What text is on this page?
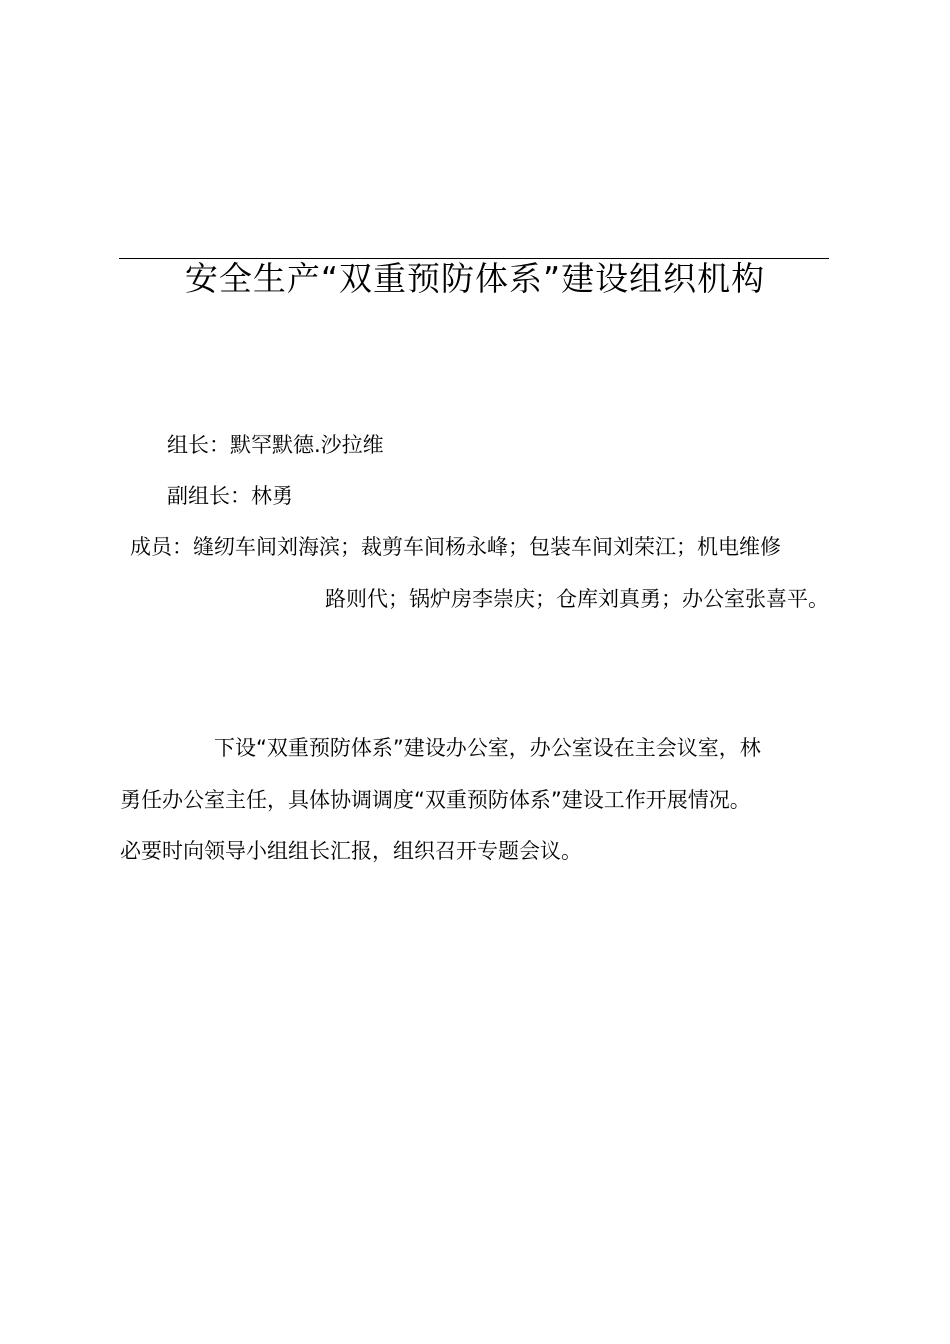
安全生产“双重预防体系”建设组织机构
组长：默罕默德.沙拉维
副组长：林勇
成员：缝纫车间刘海滨；裁剪车间杨永峰；包装车间刘荣江；机电维修
路则代；锅炉房李崇庆；仓库刘真勇；办公室张喜平。
下设“双重预防体系”建设办公室，办公室设在主会议室，林
勇任办公室主任，具体协调调度“双重预防体系”建设工作开展情况。
必要时向领导小组组长汇报，组织召开专题会议。
